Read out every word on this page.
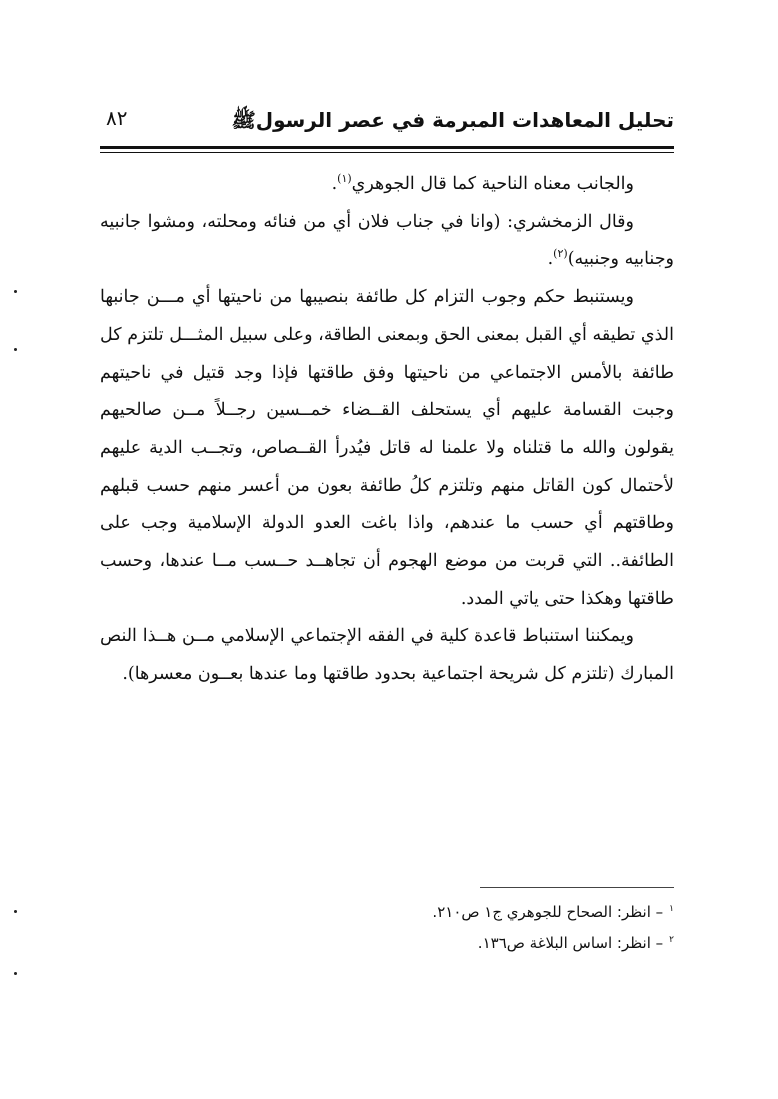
تحليل المعاهدات المبرمة في عصر الرسولﷺ
٨٢

والجانب معناه الناحية كما قال الجوهري$^{(١)}$.

وقال الزمخشري: (وانا في جناب فلان أي من فنائه ومحلته، ومشوا جانبيه وجنابيه وجنبيه)$^{(٢)}$.

ويستنبط حكم وجوب التزام كل طائفة بنصيبها من ناحيتها أي مـــن جانبها الذي تطيقه أي القبل بمعنى الحق وبمعنى الطاقة، وعلى سبيل المثـــل تلتزم كل طائفة بالأمس الاجتماعي من ناحيتها وفق طاقتها فإذا وجد قتيل في ناحيتهم وجبت القسامة عليهم أي يستحلف القــضاء خمــسين رجــلاً مــن صالحيهم يقولون والله ما قتلناه ولا علمنا له قاتل فيُدرأ القــصاص، وتجــب الدية عليهم لأحتمال كون القاتل منهم وتلتزم كلُ طائفة بعون من أعسر منهم حسب قبلهم وطاقتهم أي حسب ما عندهم، واذا باغت العدو الدولة الإسلامية وجب على الطائفة.. التي قربت من موضع الهجوم أن تجاهــد حــسب مــا عندها، وحسب طاقتها وهكذا حتى ياتي المدد.

ويمكننا استنباط قاعدة كلية في الفقه الإجتماعي الإسلامي مــن هــذا النص المبارك (تلتزم كل شريحة اجتماعية بحدود طاقتها وما عندها بعــون معسرها).

$^١$– انظر: الصحاح للجوهري ج١ ص٢١٠.
$^٢$– انظر: اساس البلاغة ص١٣٦.
